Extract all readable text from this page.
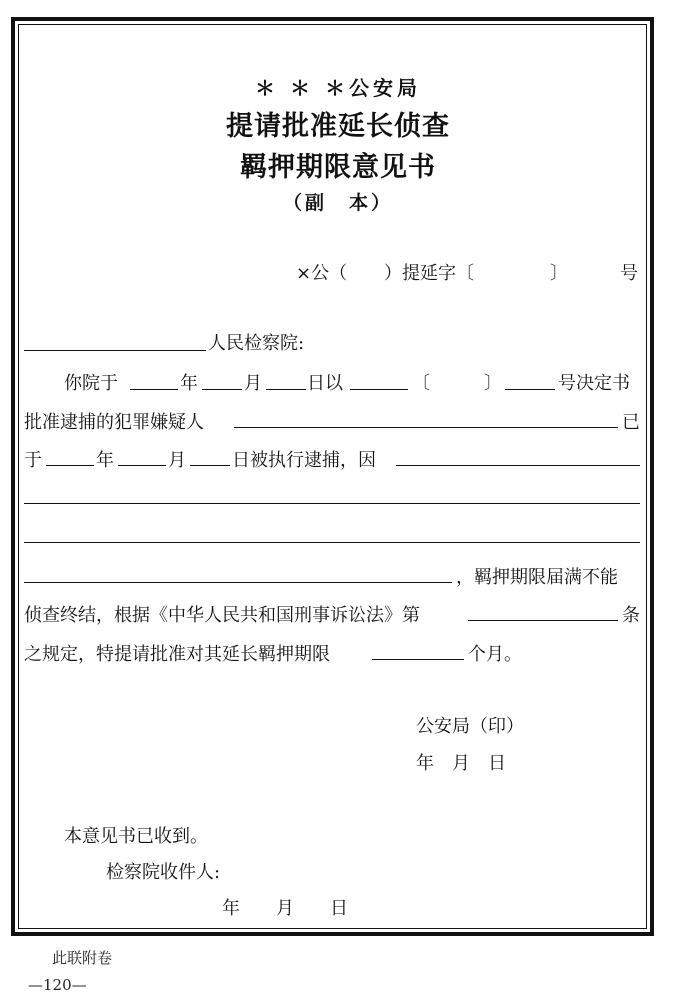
＊ ＊ ＊公安局
提请批准延长侦查
羁押期限意见书
（副　本）
×公（ ）提延字〔	〕	号
人民检察院:
你院于	年	月	日以	〔	〕	号决定书
批准逮捕的犯罪嫌疑人	已
于	年	月	日被执行逮捕，因
，羁押期限届满不能
侦查终结，根据《中华人民共和国刑事诉讼法》第	条
之规定，特提请批准对其延长羁押期限	个月。
公安局（印）
年　月　日
本意见书已收到。
检察院收件人:
年　　月　　日
此联附卷
—120—
